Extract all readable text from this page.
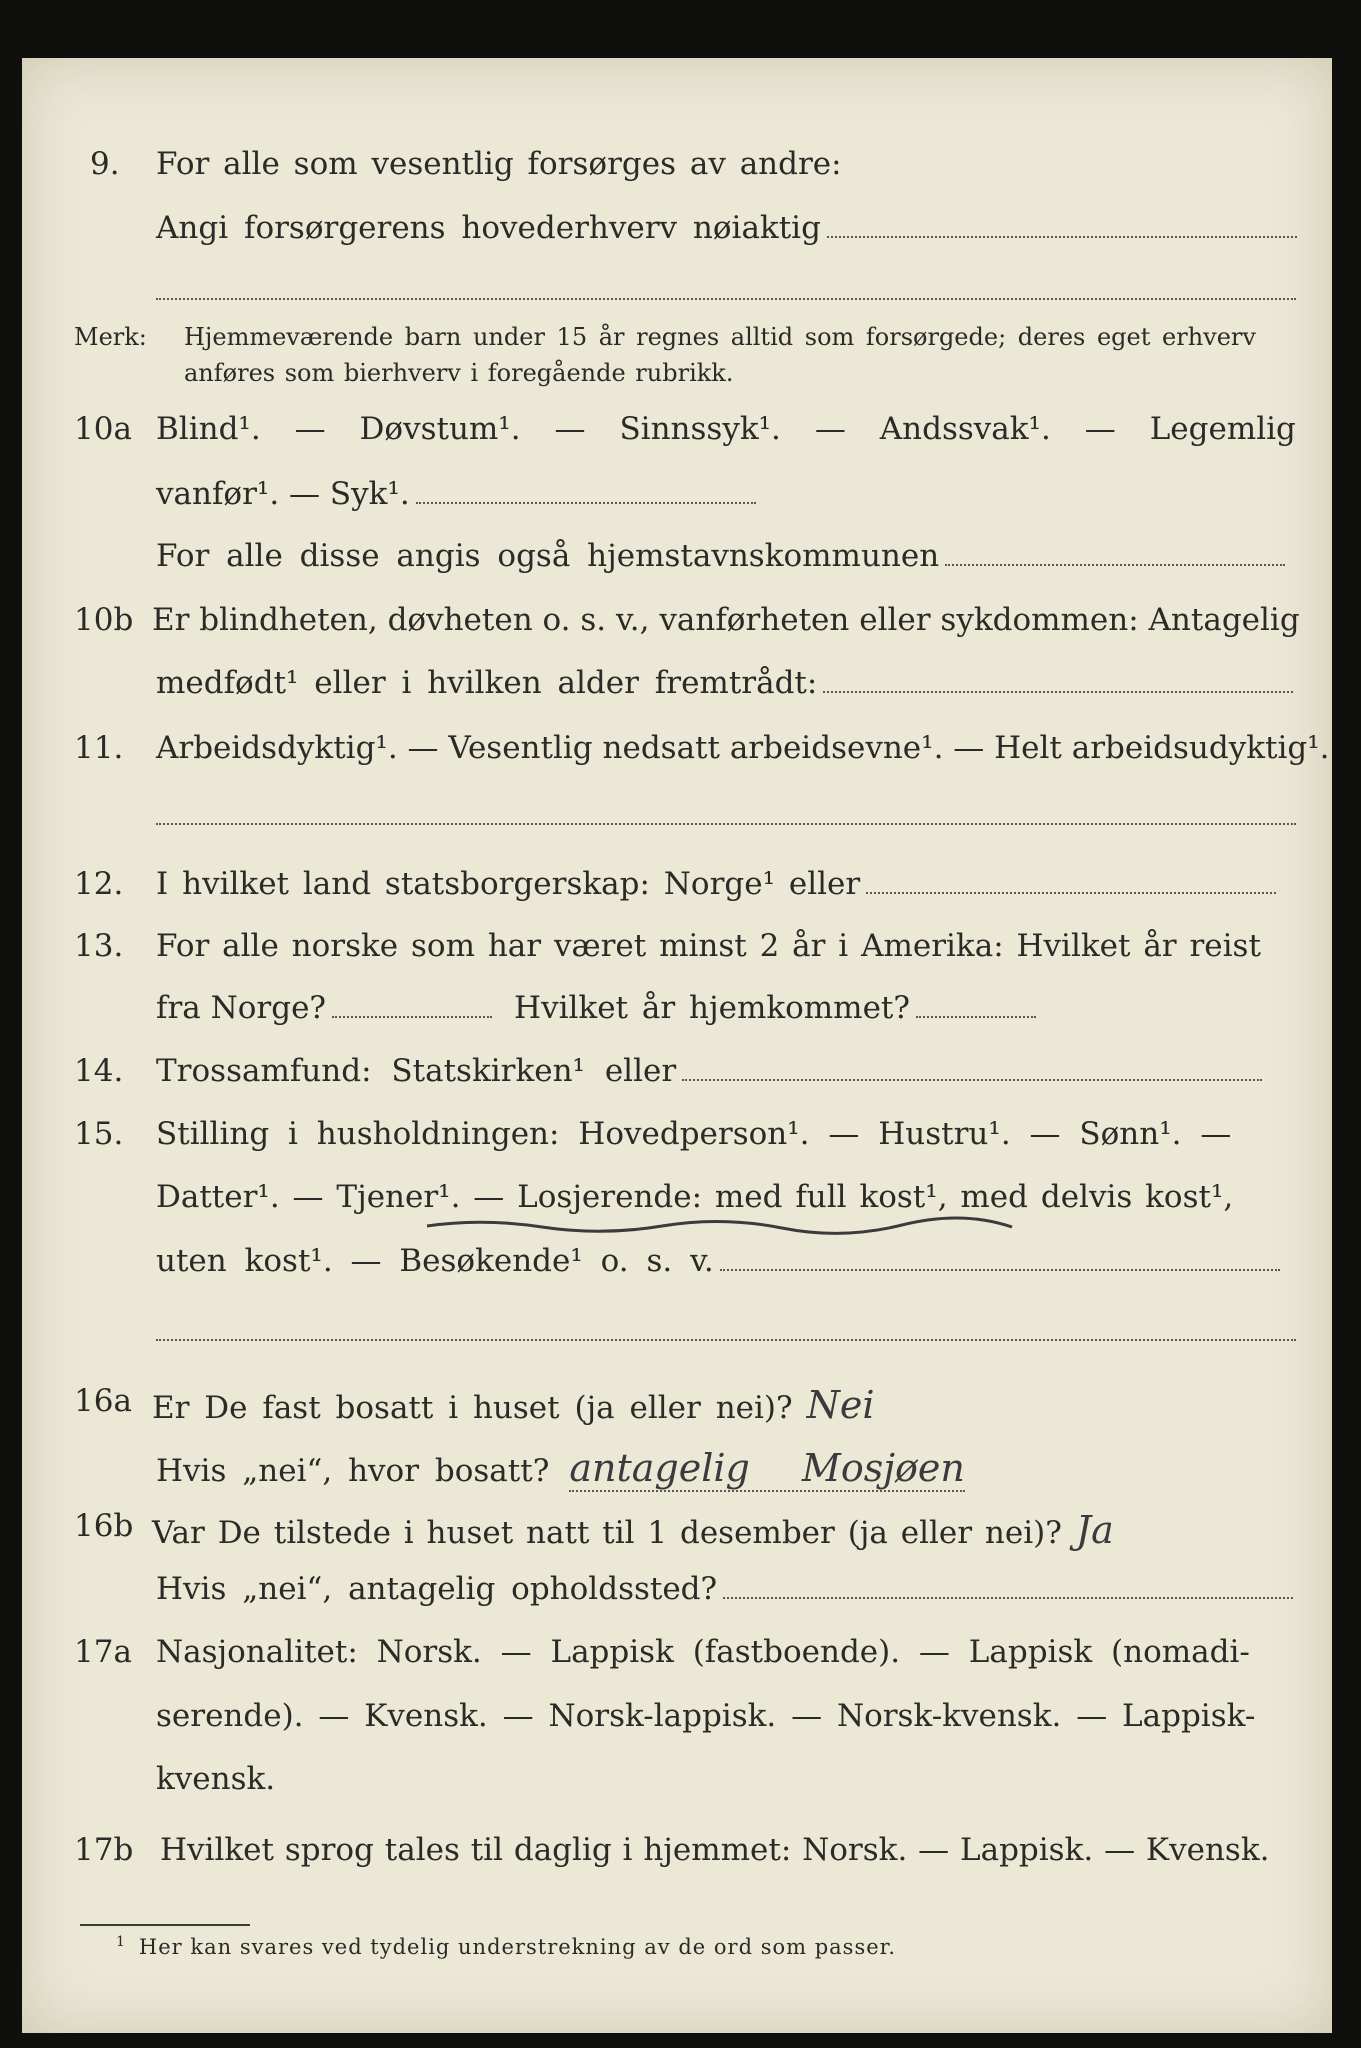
9. For alle som vesentlig forsørges av andre:
Angi forsørgerens hovederhverv nøiaktig
Merk: Hjemmeværende barn under 15 år regnes alltid som forsørgede; deres eget erhverv
anføres som bierhverv i foregående rubrikk.
10a Blind¹. — Døvstum¹. — Sinnssyk¹. — Andssvak¹. — Legemlig
vanfør¹. — Syk¹.
For alle disse angis også hjemstavnskommunen
10b Er blindheten, døvheten o. s. v., vanførheten eller sykdommen: Antagelig
medfødt¹ eller i hvilken alder fremtrådt:
11. Arbeidsdyktig¹. — Vesentlig nedsatt arbeidsevne¹. — Helt arbeidsudyktig¹.
12. I hvilket land statsborgerskap: Norge¹ eller
13. For alle norske som har været minst 2 år i Amerika: Hvilket år reist
fra Norge?	Hvilket år hjemkommet?
14. Trossamfund: Statskirken¹ eller
15. Stilling i husholdningen: Hovedperson¹. — Hustru¹. — Sønn¹. —
Datter¹. — Tjener¹. — Losjerende: med full kost¹, med delvis kost¹,
uten kost¹. — Besøkende¹ o. s. v.
16a Er De fast bosatt i huset (ja eller nei)? Nei
Hvis „nei“, hvor bosatt? antagelig Mosjøen
16b Var De tilstede i huset natt til 1 desember (ja eller nei)? Ja
Hvis „nei“, antagelig opholdssted?
17a Nasjonalitet: Norsk. — Lappisk (fastboende). — Lappisk (nomadi-
serende). — Kvensk. — Norsk-lappisk. — Norsk-kvensk. — Lappisk-
kvensk.
17b Hvilket sprog tales til daglig i hjemmet: Norsk. — Lappisk. — Kvensk.
$^1$ Her kan svares ved tydelig understrekning av de ord som passer.
